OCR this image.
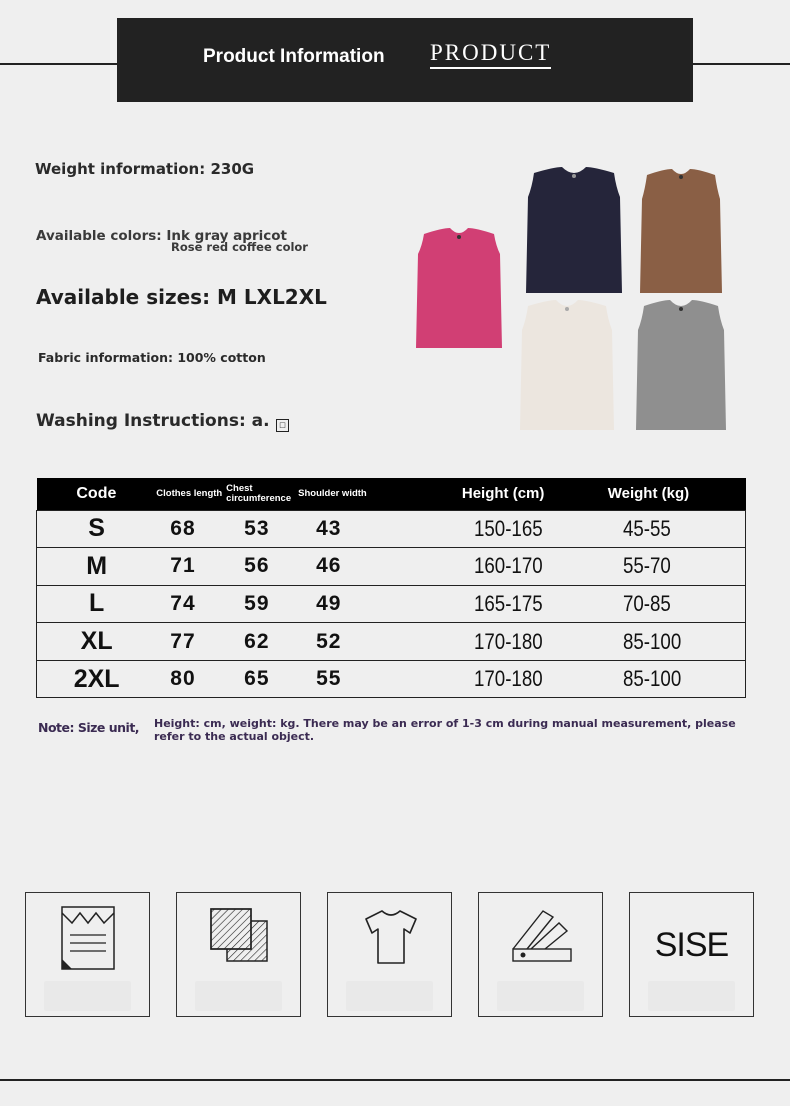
Product Information PRODUCT
Weight information: 230G
Available colors: Ink gray apricot
Rose red coffee color
Available sizes: M LXL2XL
Fabric information: 100% cotton
Washing Instructions: a.	□
Code	Clothes length	Chest circumference	Shoulder width	Height (cm)	Weight (kg)
S	68	53	43	150-165	45-55
M	71	56	46	160-170	55-70
L	74	59	49	165-175	70-85
XL	77	62	52	170-180	85-100
2XL	80	65	55	170-180	85-100
Note: Size unit, Height: cm, weight: kg. There may be an error of 1-3 cm during manual measurement, please refer to the actual object.
SISE
